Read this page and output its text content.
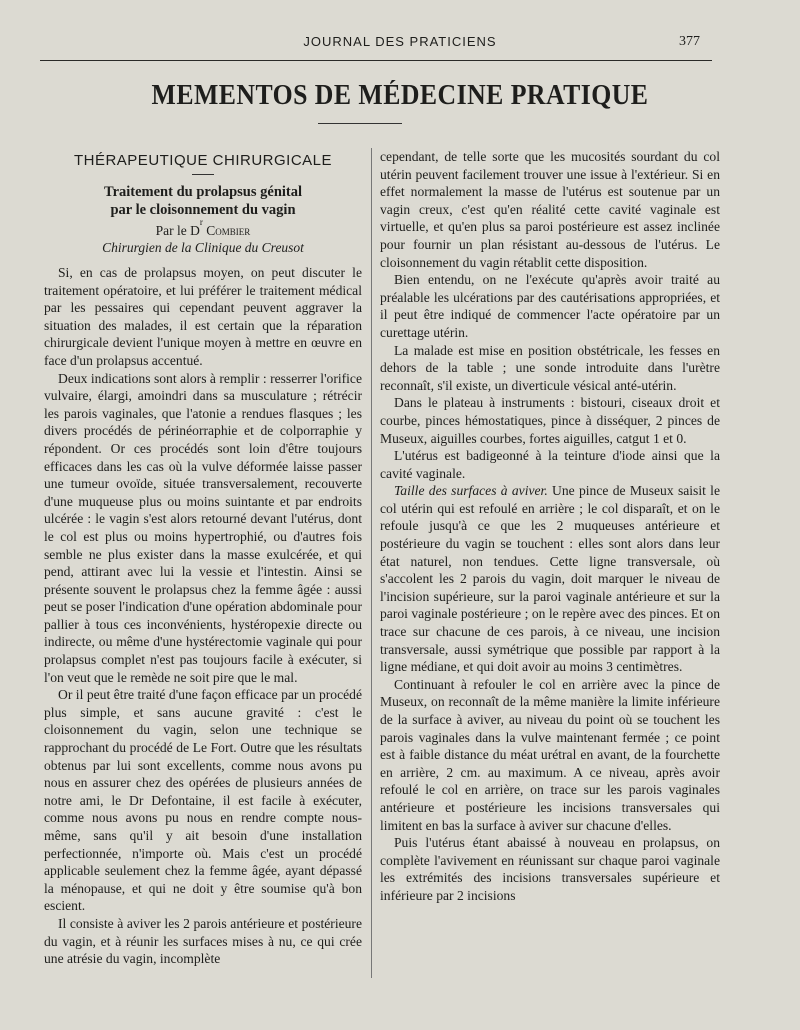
JOURNAL DES PRATICIENS	377
MEMENTOS DE MÉDECINE PRATIQUE
THÉRAPEUTIQUE CHIRURGICALE
Traitement du prolapsus génital
par le cloisonnement du vagin
Par le $D^r$ Combier
Chirurgien de la Clinique du Creusot

Si, en cas de prolapsus moyen, on peut discuter le traitement opératoire, et lui préférer le traitement médical par les pessaires qui cependant peuvent aggraver la situation des malades, il est certain que la réparation chirurgicale devient l'unique moyen à mettre en œuvre en face d'un prolapsus accentué.

Deux indications sont alors à remplir : resserrer l'orifice vulvaire, élargi, amoindri dans sa musculature ; rétrécir les parois vaginales, que l'atonie a rendues flasques ; les divers procédés de périnéorraphie et de colporraphie y répondent. Or ces procédés sont loin d'être toujours efficaces dans les cas où la vulve déformée laisse passer une tumeur ovoïde, située transversalement, recouverte d'une muqueuse plus ou moins suintante et par endroits ulcérée : le vagin s'est alors retourné devant l'utérus, dont le col est plus ou moins hypertrophié, ou d'autres fois semble ne plus exister dans la masse exulcérée, et qui pend, attirant avec lui la vessie et l'intestin. Ainsi se présente souvent le prolapsus chez la femme âgée : aussi peut se poser l'indication d'une opération abdominale pour pallier à tous ces inconvénients, hystéropexie directe ou indirecte, ou même d'une hystérectomie vaginale qui pour prolapsus complet n'est pas toujours facile à exécuter, si l'on veut que le remède ne soit pire que le mal.

Or il peut être traité d'une façon efficace par un procédé plus simple, et sans aucune gravité : c'est le cloisonnement du vagin, selon une technique se rapprochant du procédé de Le Fort. Outre que les résultats obtenus par lui sont excellents, comme nous avons pu nous en assurer chez des opérées de plusieurs années de notre ami, le Dr Defontaine, il est facile à exécuter, comme nous avons pu nous en rendre compte nous-même, sans qu'il y ait besoin d'une installation perfectionnée, n'importe où. Mais c'est un procédé applicable seulement chez la femme âgée, ayant dépassé la ménopause, et qui ne doit y être soumise qu'à bon escient.

Il consiste à aviver les 2 parois antérieure et postérieure du vagin, et à réunir les surfaces mises à nu, ce qui crée une atrésie du vagin, incomplète

cependant, de telle sorte que les mucosités sourdant du col utérin peuvent facilement trouver une issue à l'extérieur. Si en effet normalement la masse de l'utérus est soutenue par un vagin creux, c'est qu'en réalité cette cavité vaginale est virtuelle, et qu'en plus sa paroi postérieure est assez inclinée pour fournir un plan résistant au-dessous de l'utérus. Le cloisonnement du vagin rétablit cette disposition.

Bien entendu, on ne l'exécute qu'après avoir traité au préalable les ulcérations par des cautérisations appropriées, et il peut être indiqué de commencer l'acte opératoire par un curettage utérin.

La malade est mise en position obstétricale, les fesses en dehors de la table ; une sonde introduite dans l'urètre reconnaît, s'il existe, un diverticule vésical anté-utérin.

Dans le plateau à instruments : bistouri, ciseaux droit et courbe, pinces hémostatiques, pince à disséquer, 2 pinces de Museux, aiguilles courbes, fortes aiguilles, catgut 1 et 0.

L'utérus est badigeonné à la teinture d'iode ainsi que la cavité vaginale.

Taille des surfaces à aviver. Une pince de Museux saisit le col utérin qui est refoulé en arrière ; le col disparaît, et on le refoule jusqu'à ce que les 2 muqueuses antérieure et postérieure du vagin se touchent : elles sont alors dans leur état naturel, non tendues. Cette ligne transversale, où s'accolent les 2 parois du vagin, doit marquer le niveau de l'incision supérieure, sur la paroi vaginale antérieure et sur la paroi vaginale postérieure ; on le repère avec des pinces. Et on trace sur chacune de ces parois, à ce niveau, une incision transversale, aussi symétrique que possible par rapport à la ligne médiane, et qui doit avoir au moins 3 centimètres.

Continuant à refouler le col en arrière avec la pince de Museux, on reconnaît de la même manière la limite inférieure de la surface à aviver, au niveau du point où se touchent les parois vaginales dans la vulve maintenant fermée ; ce point est à faible distance du méat urétral en avant, de la fourchette en arrière, 2 cm. au maximum. A ce niveau, après avoir refoulé le col en arrière, on trace sur les parois vaginales antérieure et postérieure les incisions transversales qui limitent en bas la surface à aviver sur chacune d'elles.

Puis l'utérus étant abaissé à nouveau en prolapsus, on complète l'avivement en réunissant sur chaque paroi vaginale les extrémités des incisions transversales supérieure et inférieure par 2 incisions
